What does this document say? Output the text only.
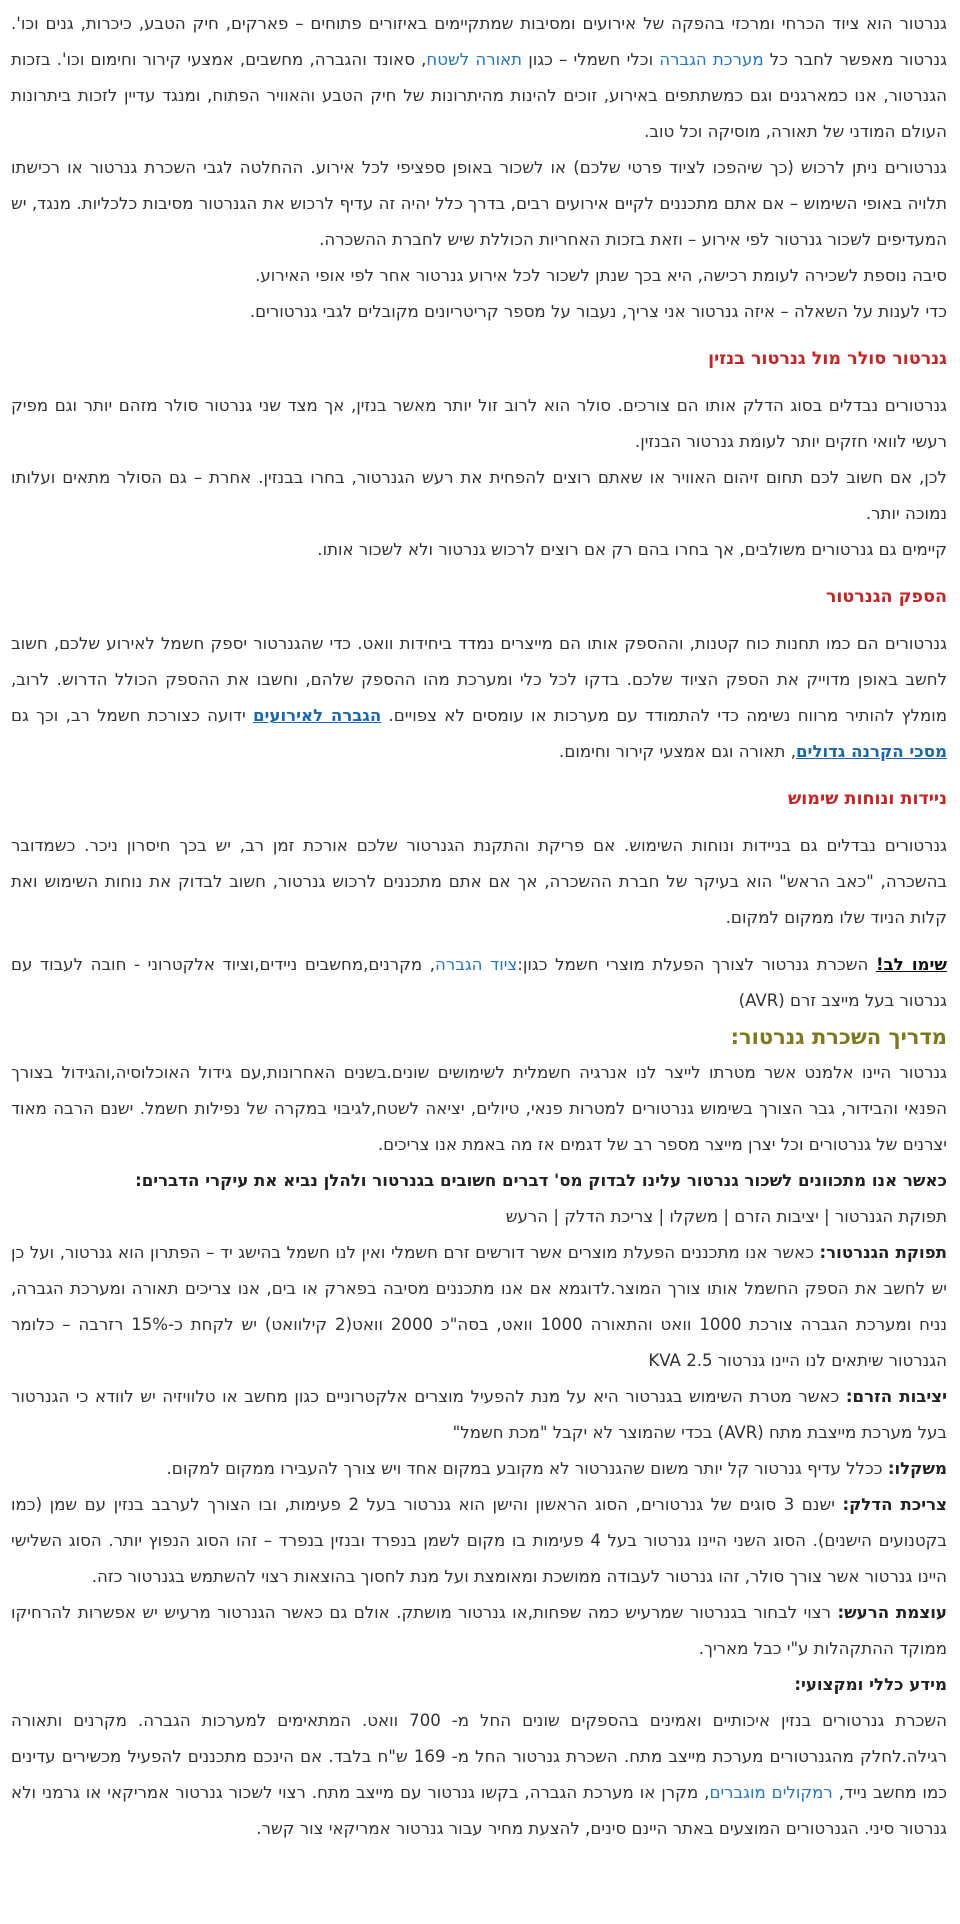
גנרטור הוא ציוד הכרחי ומרכזי בהפקה של אירועים ומסיבות שמתקיימים באיזורים פתוחים – פארקים, חיק הטבע, כיכרות, גנים וכו'. גנרטור מאפשר לחבר כל מערכת הגברה וכלי חשמלי – כגון תאורה לשטח, סאונד והגברה, מחשבים, אמצעי קירור וחימום וכו'. בזכות הגנרטור, אנו כמארגנים וגם כמשתתפים באירוע, זוכים להינות מהיתרונות של חיק הטבע והאוויר הפתוח, ומנגד עדיין לזכות ביתרונות העולם המודני של תאורה, מוסיקה וכל טוב.

גנרטורים ניתן לרכוש (כך שיהפכו לציוד פרטי שלכם) או לשכור באופן ספציפי לכל אירוע. ההחלטה לגבי השכרת גנרטור או רכישתו תלויה באופי השימוש – אם אתם מתכננים לקיים אירועים רבים, בדרך כלל יהיה זה עדיף לרכוש את הגנרטור מסיבות כלכליות. מנגד, יש המעדיפים לשכור גנרטור לפי אירוע – וזאת בזכות האחריות הכוללת שיש לחברת ההשכרה.

סיבה נוספת לשכירה לעומת רכישה, היא בכך שנתן לשכור לכל אירוע גנרטור אחר לפי אופי האירוע.

כדי לענות על השאלה – איזה גנרטור אני צריך, נעבור על מספר קריטריונים מקובלים לגבי גנרטורים.

גנרטור סולר מול גנרטור בנזין

גנרטורים נבדלים בסוג הדלק אותו הם צורכים. סולר הוא לרוב זול יותר מאשר בנזין, אך מצד שני גנרטור סולר מזהם יותר וגם מפיק רעשי לוואי חזקים יותר לעומת גנרטור הבנזין.

לכן, אם חשוב לכם תחום זיהום האוויר או שאתם רוצים להפחית את רעש הגנרטור, בחרו בבנזין. אחרת – גם הסולר מתאים ועלותו נמוכה יותר.

קיימים גם גנרטורים משולבים, אך בחרו בהם רק אם רוצים לרכוש גנרטור ולא לשכור אותו.

הספק הגנרטור

גנרטורים הם כמו תחנות כוח קטנות, וההספק אותו הם מייצרים נמדד ביחידות וואט. כדי שהגנרטור יספק חשמל לאירוע שלכם, חשוב לחשב באופן מדוייק את הספק הציוד שלכם. בדקו לכל כלי ומערכת מהו ההספק שלהם, וחשבו את ההספק הכולל הדרוש. לרוב, מומלץ להותיר מרווח נשימה כדי להתמודד עם מערכות או עומסים לא צפויים. הגברה לאירועים ידועה כצורכת חשמל רב, וכך גם מסכי הקרנה גדולים, תאורה וגם אמצעי קירור וחימום.

ניידות ונוחות שימוש

גנרטורים נבדלים גם בניידות ונוחות השימוש. אם פריקת והתקנת הגנרטור שלכם אורכת זמן רב, יש בכך חיסרון ניכר. כשמדובר בהשכרה, "כאב הראש" הוא בעיקר של חברת ההשכרה, אך אם אתם מתכננים לרכוש גנרטור, חשוב לבדוק את נוחות השימוש ואת קלות הניוד שלו ממקום למקום.

שימו לב! השכרת גנרטור לצורך הפעלת מוצרי חשמל כגון:ציוד הגברה, מקרנים,מחשבים ניידים,וציוד אלקטרוני - חובה לעבוד עם גנרטור בעל מייצב זרם (AVR)

מדריך השכרת גנרטור:

גנרטור היינו אלמנט אשר מטרתו לייצר לנו אנרגיה חשמלית לשימושים שונים.בשנים האחרונות,עם גידול האוכלוסיה,והגידול בצורך הפנאי והבידור, גבר הצורך בשימוש גנרטורים למטרות פנאי, טיולים, יציאה לשטח,לגיבוי במקרה של נפילות חשמל. ישנם הרבה מאוד יצרנים של גנרטורים וכל יצרן מייצר מספר רב של דגמים אז מה באמת אנו צריכים.

כאשר אנו מתכוונים לשכור גנרטור עלינו לבדוק מס' דברים חשובים בגנרטור ולהלן נביא את עיקרי הדברים:

תפוקת הגנרטור | יציבות הזרם | משקלו | צריכת הדלק | הרעש

תפוקת הגנרטור: כאשר אנו מתכננים הפעלת מוצרים אשר דורשים זרם חשמלי ואין לנו חשמל בהישג יד – הפתרון הוא גנרטור, ועל כן יש לחשב את הספק החשמל אותו צורך המוצר.לדוגמא אם אנו מתכננים מסיבה בפארק או בים, אנו צריכים תאורה ומערכת הגברה, נניח ומערכת הגברה צורכת 1000 וואט והתאורה 1000 וואט, בסה"כ 2000 וואט(2 קילוואט) יש לקחת כ-15% רזרבה – כלומר הגנרטור שיתאים לנו היינו גנרטור KVA 2.5

יציבות הזרם: כאשר מטרת השימוש בגנרטור היא על מנת להפעיל מוצרים אלקטרוניים כגון מחשב או טלוויזיה יש לוודא כי הגנרטור בעל מערכת מייצבת מתח (AVR) בכדי שהמוצר לא יקבל "מכת חשמל"

משקלו: ככלל עדיף גנרטור קל יותר משום שהגנרטור לא מקובע במקום אחד ויש צורך להעבירו ממקום למקום.

צריכת הדלק: ישנם 3 סוגים של גנרטורים, הסוג הראשון והישן הוא גנרטור בעל 2 פעימות, ובו הצורך לערבב בנזין עם שמן (כמו בקטנועים הישנים). הסוג השני היינו גנרטור בעל 4 פעימות בו מקום לשמן בנפרד ובנזין בנפרד – זהו הסוג הנפוץ יותר. הסוג השלישי היינו גנרטור אשר צורך סולר, זהו גנרטור לעבודה ממושכת ומאומצת ועל מנת לחסוך בהוצאות רצוי להשתמש בגנרטור כזה.

עוצמת הרעש: רצוי לבחור בגנרטור שמרעיש כמה שפחות,או גנרטור מושתק. אולם גם כאשר הגנרטור מרעיש יש אפשרות להרחיקו ממוקד ההתקהלות ע"י כבל מאריך.

מידע כללי ומקצועי:

השכרת גנרטורים בנזין איכותיים ואמינים בהספקים שונים החל מ- 700 וואט. המתאימים למערכות הגברה. מקרנים ותאורה רגילה.לחלק מהגנרטורים מערכת מייצב מתח. השכרת גנרטור החל מ- 169 ש"ח בלבד. אם הינכם מתכננים להפעיל מכשירים עדינים כמו מחשב נייד, רמקולים מוגברים, מקרן או מערכת הגברה, בקשו גנרטור עם מייצב מתח. רצוי לשכור גנרטור אמריקאי או גרמני ולא גנרטור סיני. הגנרטורים המוצעים באתר היינם סינים, להצעת מחיר עבור גנרטור אמריקאי צור קשר.
